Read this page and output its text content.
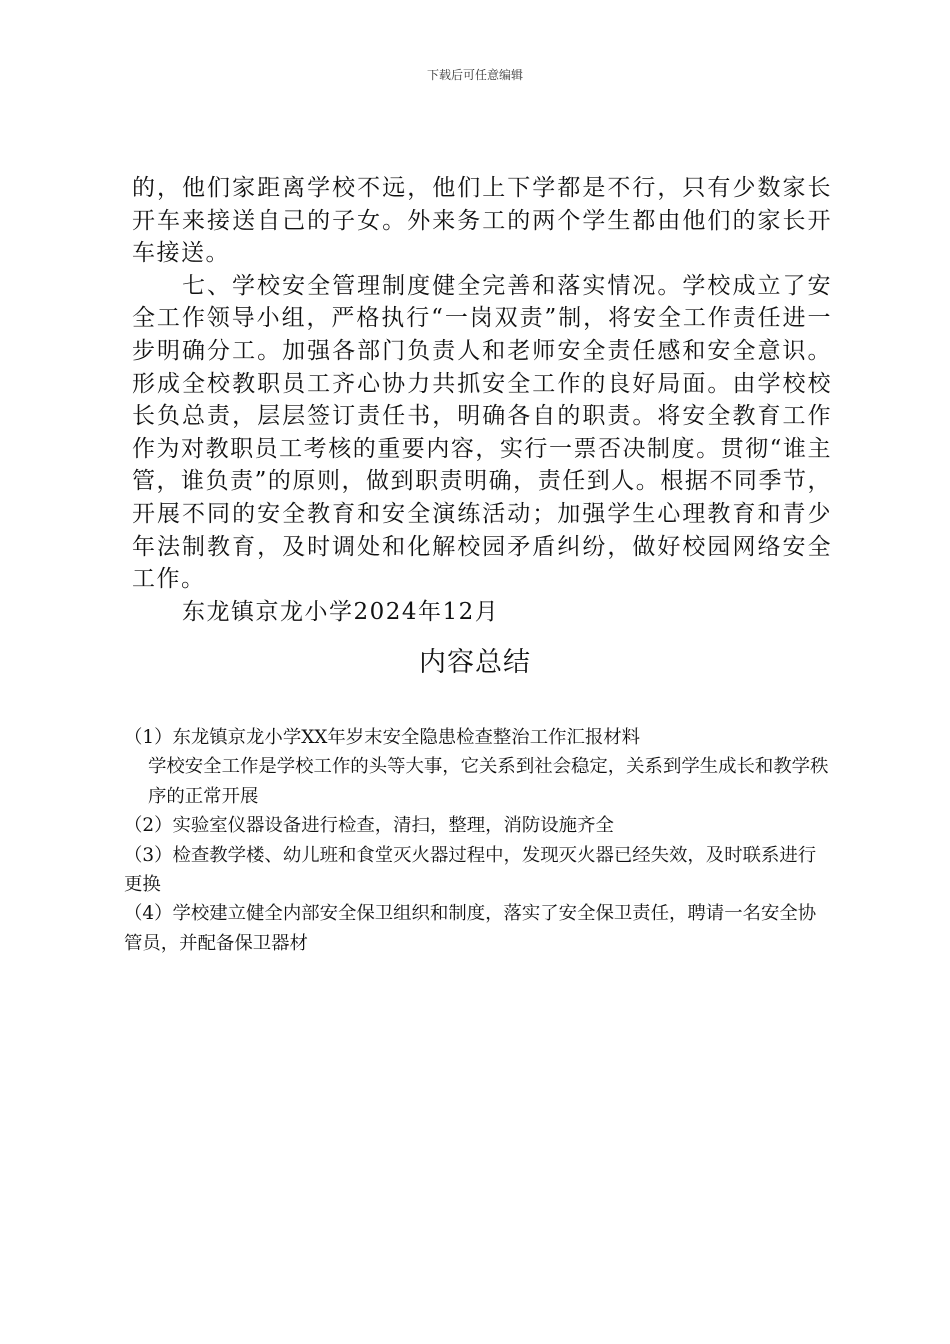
下载后可任意编辑

的，他们家距离学校不远，他们上下学都是不行，只有少数家长开车来接送自己的子女。外来务工的两个学生都由他们的家长开车接送。

七、学校安全管理制度健全完善和落实情况。学校成立了安全工作领导小组，严格执行“一岗双责”制，将安全工作责任进一步明确分工。加强各部门负责人和老师安全责任感和安全意识。形成全校教职员工齐心协力共抓安全工作的良好局面。由学校校长负总责，层层签订责任书，明确各自的职责。将安全教育工作作为对教职员工考核的重要内容，实行一票否决制度。贯彻“谁主管，谁负责”的原则，做到职责明确，责任到人。根据不同季节，开展不同的安全教育和安全演练活动；加强学生心理教育和青少年法制教育，及时调处和化解校园矛盾纠纷，做好校园网络安全工作。

东龙镇京龙小学2024年12月

内容总结

（1）东龙镇京龙小学XX年岁末安全隐患检查整治工作汇报材料

学校安全工作是学校工作的头等大事，它关系到社会稳定，关系到学生成长和教学秩序的正常开展

（2）实验室仪器设备进行检查，清扫，整理，消防设施齐全

（3）检查教学楼、幼儿班和食堂灭火器过程中，发现灭火器已经失效，及时联系进行更换

（4）学校建立健全内部安全保卫组织和制度，落实了安全保卫责任，聘请一名安全协管员，并配备保卫器材
